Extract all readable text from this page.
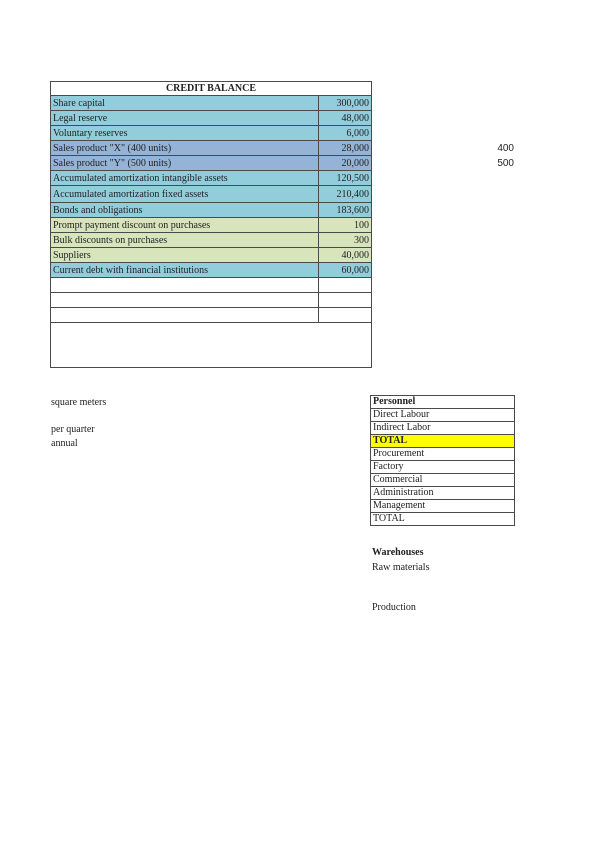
CREDIT BALANCE	
Share capital	300,000
Legal reserve	48,000
Voluntary reserves	6,000
Sales product "X" (400 units)	28,000
Sales product "Y" (500 units)	20,000
Accumulated amortization intangible assets	120,500
Accumulated amortization fixed assets	210,400
Bonds and obligations	183,600
Prompt payment discount on purchases	100
Bulk discounts on purchases	300
Suppliers	40,000
Current debt with financial institutions	60,000

400
500
square meters
per quarter
annual
Personnel
Direct Labour
Indirect Labor
TOTAL
Procurement
Factory
Commercial
Administration
Management
TOTAL
Warehouses
Raw materials
Production
